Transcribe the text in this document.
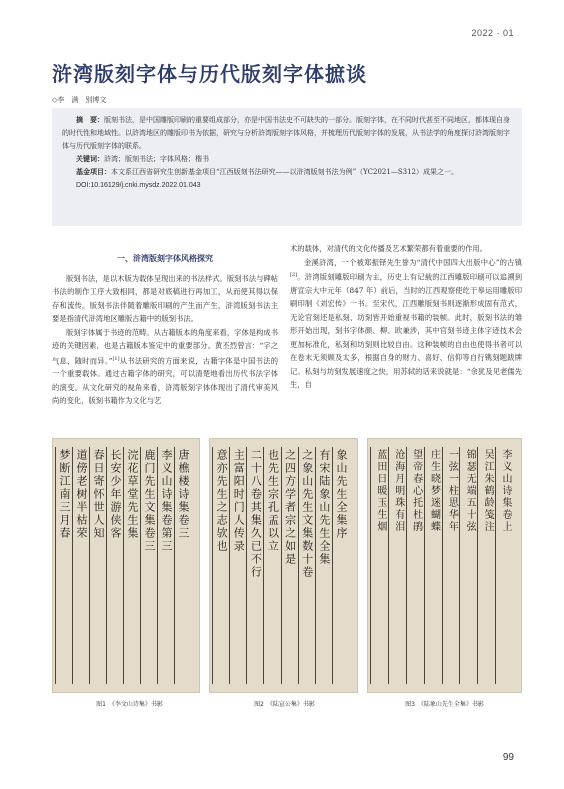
2022 · 01
浒湾版刻字体与历代版刻字体摭谈
◇李　满　别博文

摘　要：版刻书法，是中国雕版印刷的重要组成部分，亦是中国书法史不可缺失的一部分。版刻字体，在不同时代甚至不同地区，都体现自身的时代性和地域性。以浒湾地区的雕版印书为依据，研究与分析浒湾版刻字体风格，并梳理历代版刻字体的发展，从书法学的角度探讨浒湾版刻字体与历代版刻字体的联系。

关键词：浒湾；版刻书法；字体风格；楷书

基金项目：本文系江西省研究生创新基金项目“江西版刻书法研究——以浒湾版刻书法为例”（YC2021—S312）成果之一。

DOI:10.16129/j.cnki.mysdz.2022.01.043

一、浒湾版刻字体风格探究

版刻书法，是以木版为载体呈现出来的书法样式。版刻书法与碑帖书法的制作工序大致相同，都是对底稿进行再加工，从而使其得以保存和流传。版刻书法伴随着雕版印刷的产生而产生，浒湾版刻书法主要是指清代浒湾地区雕版古籍中的版刻书法。

版刻字体属于书迹的范畴。从古籍版本的角度来看，字体是构成书迹的关键因素，也是古籍版本鉴定中的重要部分。黄丕烈曾言：“字之气息，随时而异。”[1]从书法研究的方面来说，古籍字体是中国书法的一个重要载体。通过古籍字体的研究，可以清楚地看出历代书法字体的演变。从文化研究的视角来看，浒湾版刻字体体现出了清代审美风尚的变化，版刻书籍作为文化与艺

术的载体，对清代的文化传播及艺术繁荣都有着重要的作用。

金溪浒湾，一个被郑振铎先生誉为“清代中国四大出版中心”的古镇[2]。浒湾版刻雕版印刷为主，历史上有记载的江西雕版印刷可以追溯到唐宣宗大中元年（847 年）前后，当时的江西观察使纥干皋运用雕版印刷印制《刘宏传》一书。至宋代，江西雕版刻书则逐渐形成固有范式，无论官刻还是私刻、坊刻皆开始重视书籍的装帧。此时，版刻书法的雏形开始出现，刻书字体颜、柳、欧兼涉，其中官刻书迹主体字迹技术会更加标准化，私刻和坊刻则比较自由。这种装帧的自由也使得书者可以在卷末无须顾及太多，根据自身的财力、喜好、信仰等自行镌刻题跋牌记。私刻与坊刻发展速度之快，用苏轼的话来说就是：“余犹及见老儒先生，自

唐樵楼诗集卷三
李义山诗集卷第三
鹿门先生文集卷三
浣花草堂先生集
长安少年游侠客
春日寄怀世人知
道傍老树半枯荣
梦断江南三月春	象山先生全集序
有宋陆象山先生全集
之象山先生文集数十卷
之四方学者宗之如是
也先生宗孔孟以立
二十八卷其集久已不行
主富阳时门人传录
意亦先生之志欤也	李义山诗集卷上
吴江朱鹤龄笺注
锦瑟无端五十弦
一弦一柱思华年
庄生晓梦迷蝴蝶
望帝春心托杜鹃
沧海月明珠有泪
蓝田日暖玉生烟
图1　《李文山诗集》书影	图2　《陆宣公集》书影	图3　《陆象山先生全集》书影
99
